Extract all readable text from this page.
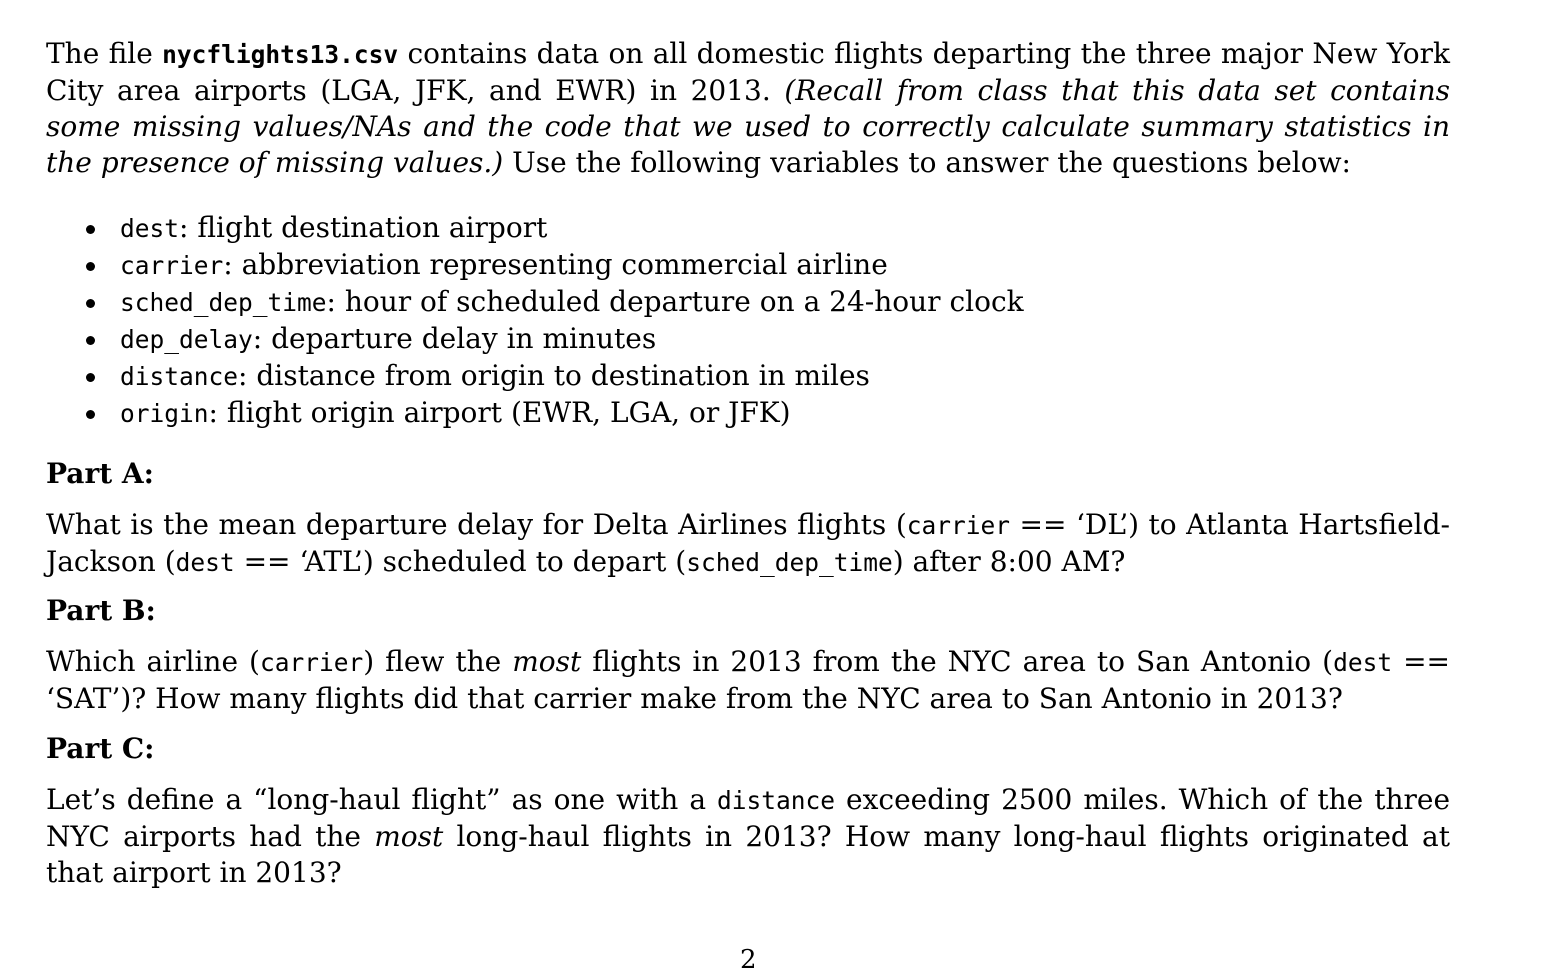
The file nycflights13.csv contains data on all domestic flights departing the three major New York City area airports (LGA, JFK, and EWR) in 2013. (Recall from class that this data set contains some missing values/NAs and the code that we used to correctly calculate summary statistics in the presence of missing values.) Use the following variables to answer the questions below:

dest: flight destination airport
carrier: abbreviation representing commercial airline
sched_dep_time: hour of scheduled departure on a 24-hour clock
dep_delay: departure delay in minutes
distance: distance from origin to destination in miles
origin: flight origin airport (EWR, LGA, or JFK)
Part A:

What is the mean departure delay for Delta Airlines flights (carrier == ‘DL’) to Atlanta Hartsfield-Jackson (dest == ‘ATL’) scheduled to depart (sched_dep_time) after 8:00 AM?

Part B:

Which airline (carrier) flew the most flights in 2013 from the NYC area to San Antonio (dest == ‘SAT’)? How many flights did that carrier make from the NYC area to San Antonio in 2013?

Part C:

Let’s define a “long-haul flight” as one with a distance exceeding 2500 miles. Which of the three NYC airports had the most long-haul flights in 2013? How many long-haul flights originated at that airport in 2013?

2
